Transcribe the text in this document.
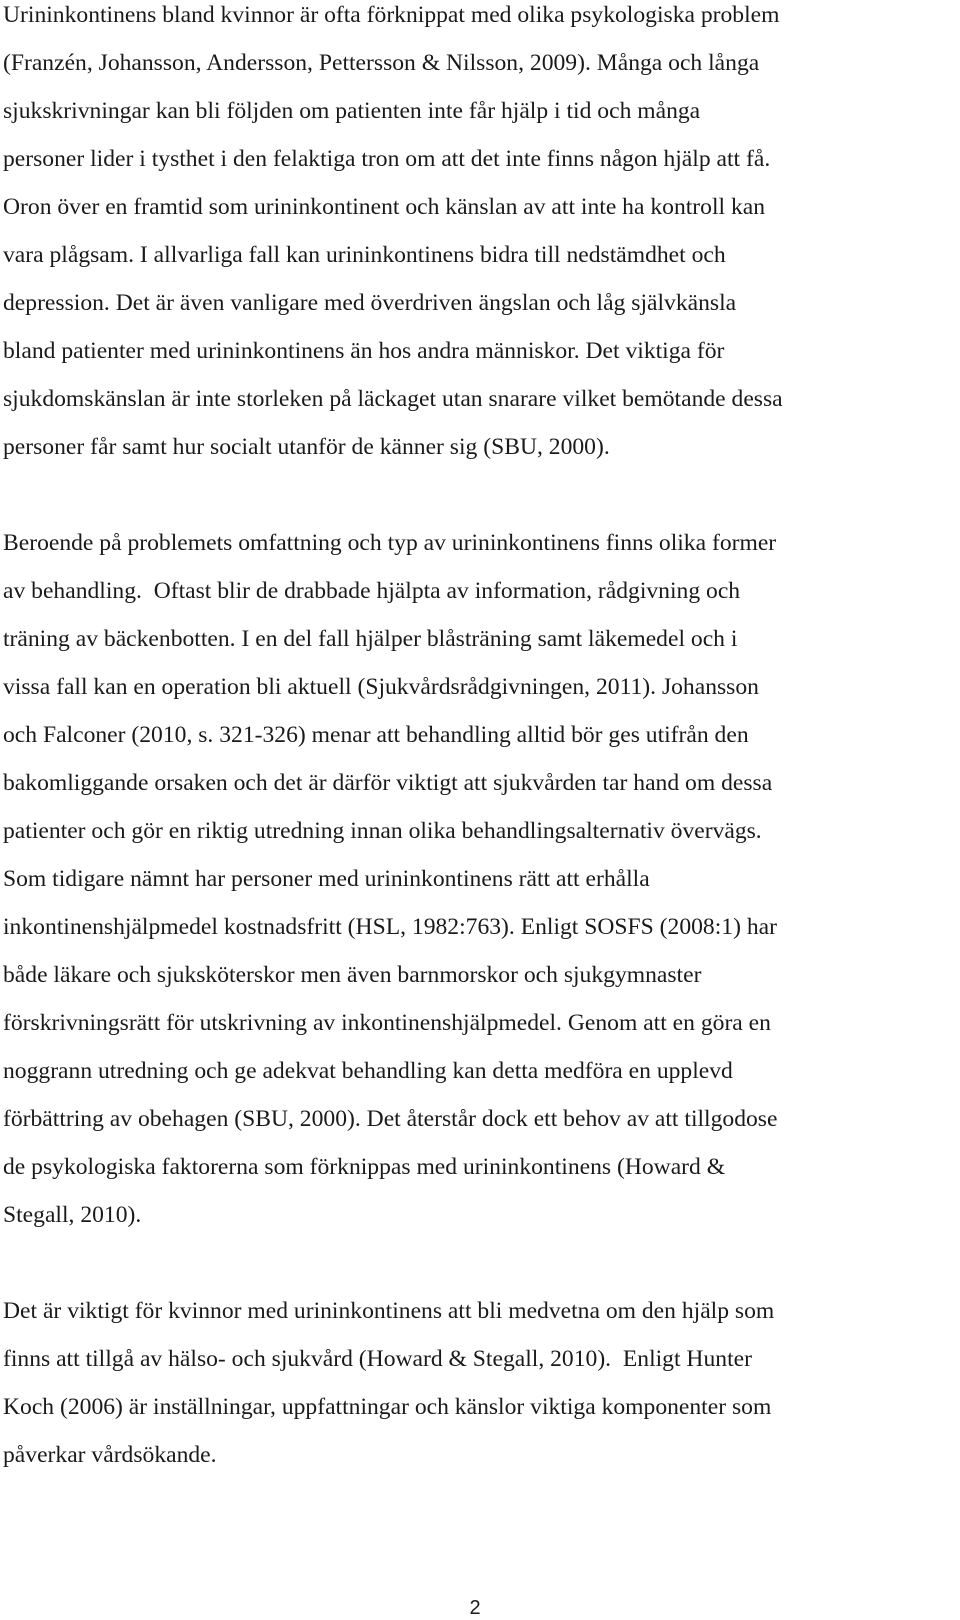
Urininkontinens bland kvinnor är ofta förknippat med olika psykologiska problem
(Franzén, Johansson, Andersson, Pettersson & Nilsson, 2009). Många och långa
sjukskrivningar kan bli följden om patienten inte får hjälp i tid och många
personer lider i tysthet i den felaktiga tron om att det inte finns någon hjälp att få.
Oron över en framtid som urininkontinent och känslan av att inte ha kontroll kan
vara plågsam. I allvarliga fall kan urininkontinens bidra till nedstämdhet och
depression. Det är även vanligare med överdriven ängslan och låg självkänsla
bland patienter med urininkontinens än hos andra människor. Det viktiga för
sjukdomskänslan är inte storleken på läckaget utan snarare vilket bemötande dessa
personer får samt hur socialt utanför de känner sig (SBU, 2000).
Beroende på problemets omfattning och typ av urininkontinens finns olika former
av behandling.  Oftast blir de drabbade hjälpta av information, rådgivning och
träning av bäckenbotten. I en del fall hjälper blåsträning samt läkemedel och i
vissa fall kan en operation bli aktuell (Sjukvårdsrådgivningen, 2011). Johansson
och Falconer (2010, s. 321-326) menar att behandling alltid bör ges utifrån den
bakomliggande orsaken och det är därför viktigt att sjukvården tar hand om dessa
patienter och gör en riktig utredning innan olika behandlingsalternativ övervägs.
Som tidigare nämnt har personer med urininkontinens rätt att erhålla
inkontinenshjälpmedel kostnadsfritt (HSL, 1982:763). Enligt SOSFS (2008:1) har
både läkare och sjuksköterskor men även barnmorskor och sjukgymnaster
förskrivningsrätt för utskrivning av inkontinenshjälpmedel. Genom att en göra en
noggrann utredning och ge adekvat behandling kan detta medföra en upplevd
förbättring av obehagen (SBU, 2000). Det återstår dock ett behov av att tillgodose
de psykologiska faktorerna som förknippas med urininkontinens (Howard &
Stegall, 2010).
Det är viktigt för kvinnor med urininkontinens att bli medvetna om den hjälp som
finns att tillgå av hälso- och sjukvård (Howard & Stegall, 2010).  Enligt Hunter
Koch (2006) är inställningar, uppfattningar och känslor viktiga komponenter som
påverkar vårdsökande.
2
